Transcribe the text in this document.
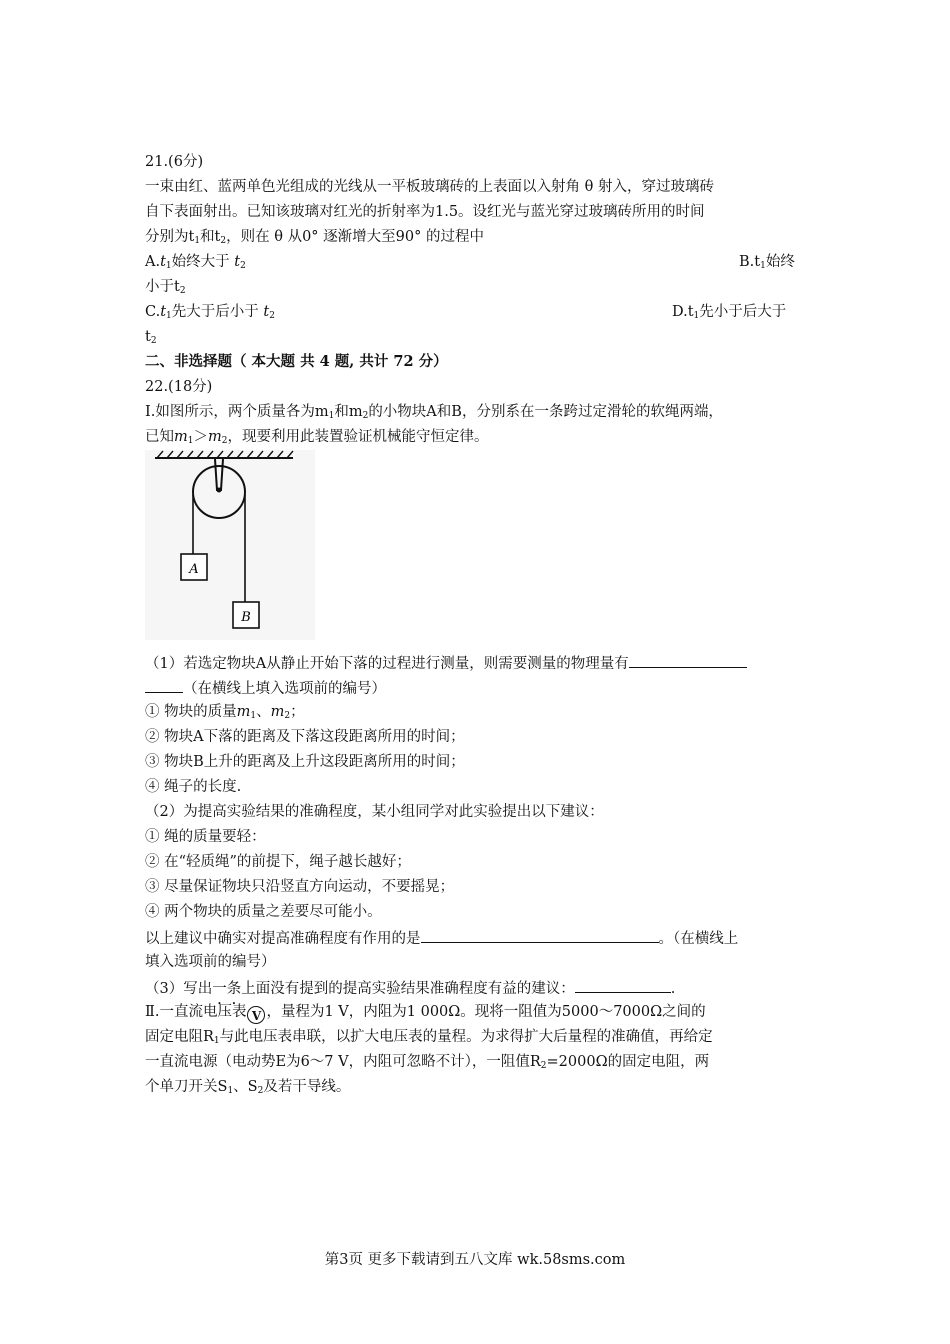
21.(6分)
一束由红、蓝两单色光组成的光线从一平板玻璃砖的上表面以入射角 θ 射入，穿过玻璃砖
自下表面射出。已知该玻璃对红光的折射率为1.5。设红光与蓝光穿过玻璃砖所用的时间
分别为$t_1$和$t_2$，则在 θ 从0° 逐渐增大至90° 的过程中
$A.t_1$始终大于 $t_2$	$B.t_1$始终
小于$t_2$
$C.t_1$先大于后小于 $t_2$	$D.t_1$先小于后大于
$t_2$
二、非选择题（ 本大题 共 4 题, 共计 72 分）
22.(18分)
Ⅰ.如图所示，两个质量各为$m_1$和$m_2$的小物块A和B，分别系在一条跨过定滑轮的软绳两端，
已知$m_1>m_2$，现要利用此装置验证机械能守恒定律。
A
B
（1）若选定物块A从静止开始下落的过程进行测量，则需要测量的物理量有
（在横线上填入选项前的编号）
① 物块的质量$m_1$、$m_2$；
② 物块A下落的距离及下落这段距离所用的时间；
③ 物块B上升的距离及上升这段距离所用的时间；
④ 绳子的长度.
（2）为提高实验结果的准确程度，某小组同学对此实验提出以下建议：
① 绳的质量要轻：
② 在“轻质绳”的前提下，绳子越长越好；
③ 尽量保证物块只沿竖直方向运动，不要摇晃；
④ 两个物块的质量之差要尽可能小。
以上建议中确实对提高准确程度有作用的是	。（在横线上
填入选项前的编号）
（3）写出一条上面没有提到的提高实验结果准确程度有益的建议：	.
Ⅱ.一直流电压表 V ，量程为1 V，内阻为1 000Ω。现将一阻值为5000～7000Ω之间的
固定电阻$R_1$与此电压表串联，以扩大电压表的量程。为求得扩大后量程的准确值，再给定
一直流电源（电动势E为6～7 V，内阻可忽略不计），一阻值$R_2=2000\Omega$的固定电阻，两
个单刀开关$S_1$、$S_2$及若干导线。
第3页 更多下载请到五八文库 wk.58sms.com
